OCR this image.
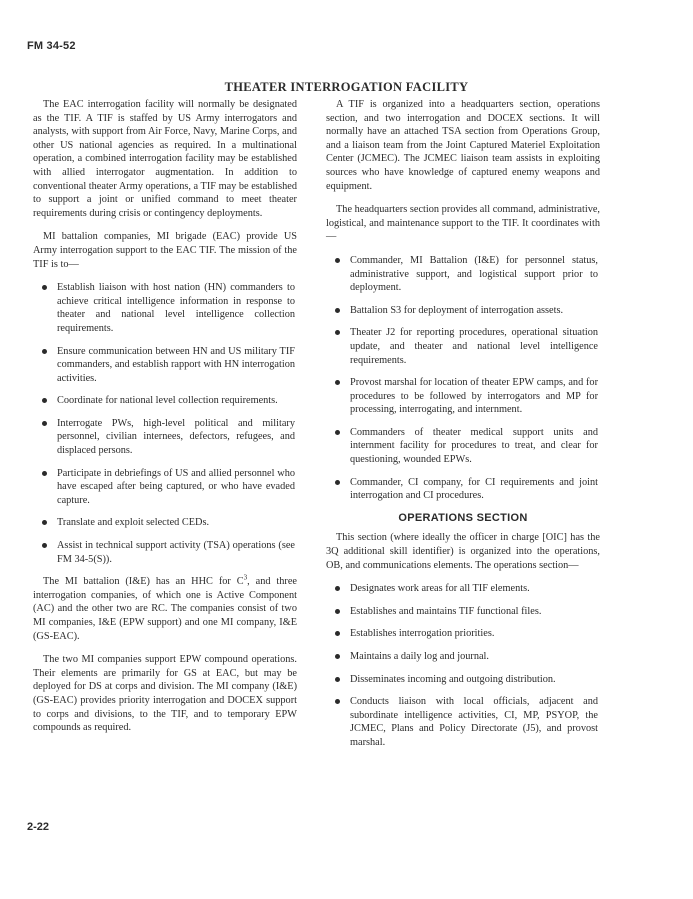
FM 34-52
THEATER INTERROGATION FACILITY

The EAC interrogation facility will normally be designated as the TIF. A TIF is staffed by US Army interrogators and analysts, with support from Air Force, Navy, Marine Corps, and other US national agencies as required. In a multinational operation, a combined interrogation facility may be established with allied interrogator augmentation. In addition to conventional theater Army operations, a TIF may be established to support a joint or unified command to meet theater requirements during crisis or contingency deployments.

MI battalion companies, MI brigade (EAC) provide US Army interrogation support to the EAC TIF. The mission of the TIF is to—

Establish liaison with host nation (HN) commanders to achieve critical intelligence information in response to theater and national level intelligence collection requirements.
Ensure communication between HN and US military TIF commanders, and establish rapport with HN interrogation activities.
Coordinate for national level collection requirements.
Interrogate PWs, high-level political and military personnel, civilian internees, defectors, refugees, and displaced persons.
Participate in debriefings of US and allied personnel who have escaped after being captured, or who have evaded capture.
Translate and exploit selected CEDs.
Assist in technical support activity (TSA) operations (see FM 34-5(S)).

The MI battalion (I&E) has an HHC for $C^3$, and three interrogation companies, of which one is Active Component (AC) and the other two are RC. The companies consist of two MI companies, I&E (EPW support) and one MI company, I&E (GS-EAC).

The two MI companies support EPW compound operations. Their elements are primarily for GS at EAC, but may be deployed for DS at corps and division. The MI company (I&E) (GS-EAC) provides priority interrogation and DOCEX support to corps and divisions, to the TIF, and to temporary EPW compounds as required.

A TIF is organized into a headquarters section, operations section, and two interrogation and DOCEX sections. It will normally have an attached TSA section from Operations Group, and a liaison team from the Joint Captured Materiel Exploitation Center (JCMEC). The JCMEC liaison team assists in exploiting sources who have knowledge of captured enemy weapons and equipment.

The headquarters section provides all command, administrative, logistical, and maintenance support to the TIF. It coordinates with—

Commander, MI Battalion (I&E) for personnel status, administrative support, and logistical support prior to deployment.
Battalion S3 for deployment of interrogation assets.
Theater J2 for reporting procedures, operational situation update, and theater and national level intelligence requirements.
Provost marshal for location of theater EPW camps, and for procedures to be followed by interrogators and MP for processing, interrogating, and internment.
Commanders of theater medical support units and internment facility for procedures to treat, and clear for questioning, wounded EPWs.
Commander, CI company, for CI requirements and joint interrogation and CI procedures.
OPERATIONS SECTION

This section (where ideally the officer in charge [OIC] has the 3Q additional skill identifier) is organized into the operations, OB, and communications elements. The operations section—

Designates work areas for all TIF elements.
Establishes and maintains TIF functional files.
Establishes interrogation priorities.
Maintains a daily log and journal.
Disseminates incoming and outgoing distribution.
Conducts liaison with local officials, adjacent and subordinate intelligence activities, CI, MP, PSYOP, the JCMEC, Plans and Policy Directorate (J5), and provost marshal.
2-22
